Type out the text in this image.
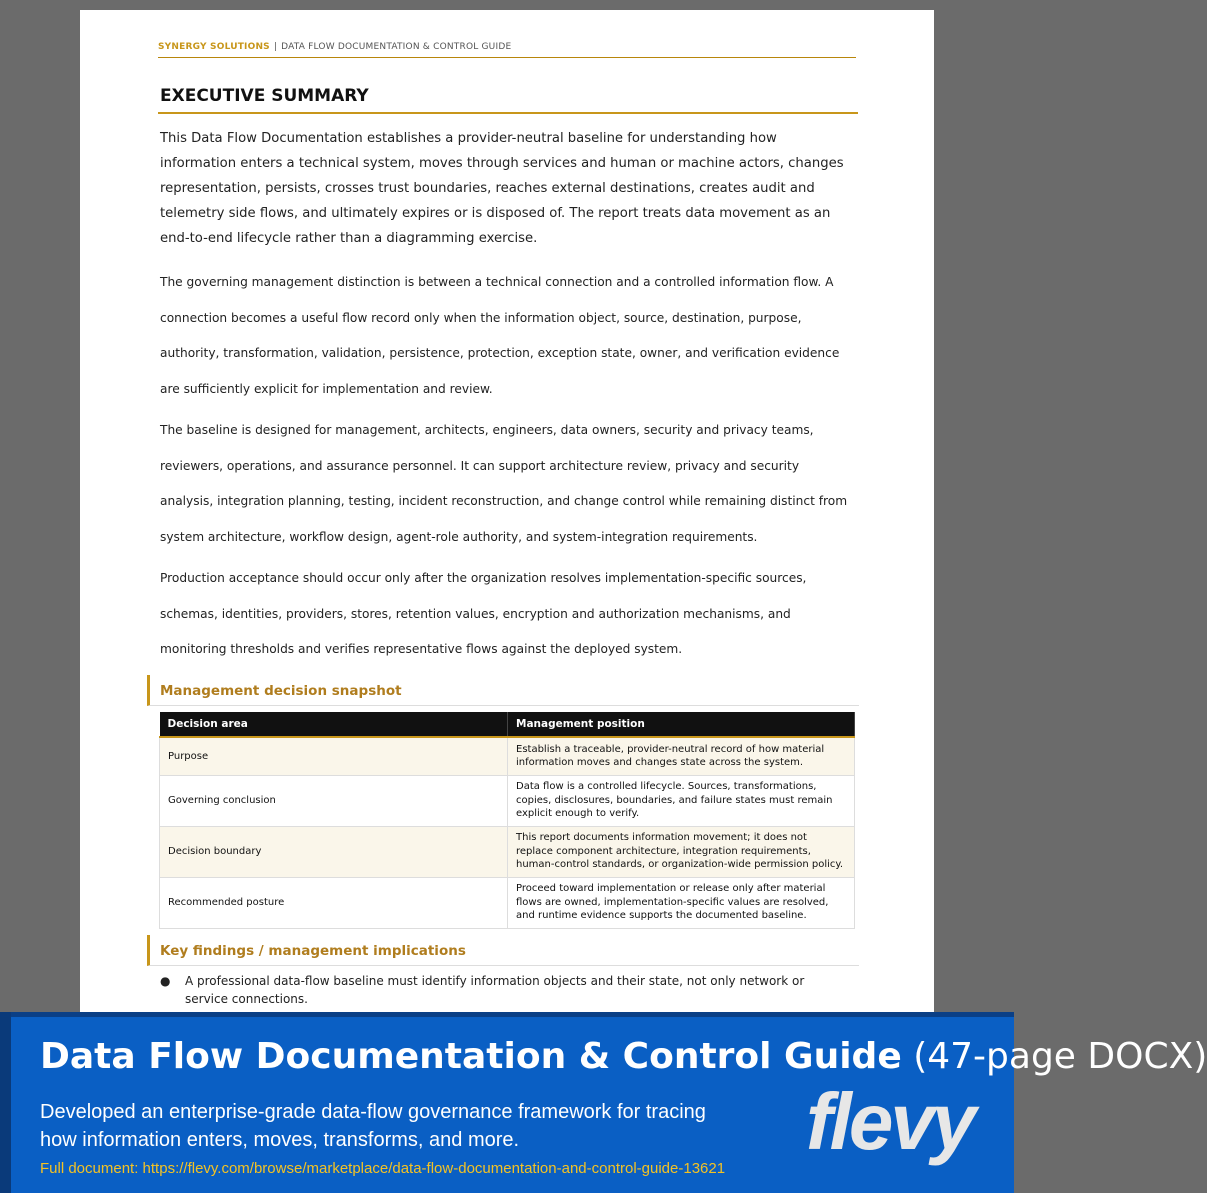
SYNERGY SOLUTIONS | DATA FLOW DOCUMENTATION & CONTROL GUIDE
EXECUTIVE SUMMARY

This Data Flow Documentation establishes a provider-neutral baseline for understanding how information enters a technical system, moves through services and human or machine actors, changes representation, persists, crosses trust boundaries, reaches external destinations, creates audit and telemetry side flows, and ultimately expires or is disposed of. The report treats data movement as an end-to-end lifecycle rather than a diagramming exercise.

The governing management distinction is between a technical connection and a controlled information flow. A connection becomes a useful flow record only when the information object, source, destination, purpose, authority, transformation, validation, persistence, protection, exception state, owner, and verification evidence are sufficiently explicit for implementation and review.

The baseline is designed for management, architects, engineers, data owners, security and privacy teams, reviewers, operations, and assurance personnel. It can support architecture review, privacy and security analysis, integration planning, testing, incident reconstruction, and change control while remaining distinct from system architecture, workflow design, agent-role authority, and system-integration requirements.

Production acceptance should occur only after the organization resolves implementation-specific sources, schemas, identities, providers, stores, retention values, encryption and authorization mechanisms, and monitoring thresholds and verifies representative flows against the deployed system.

Management decision snapshot
Decision area	Management position
Purpose	Establish a traceable, provider-neutral record of how material information moves and changes state across the system.
Governing conclusion	Data flow is a controlled lifecycle. Sources, transformations, copies, disclosures, boundaries, and failure states must remain explicit enough to verify.
Decision boundary	This report documents information movement; it does not replace component architecture, integration requirements, human-control standards, or organization-wide permission policy.
Recommended posture	Proceed toward implementation or release only after material flows are owned, implementation-specific values are resolved, and runtime evidence supports the documented baseline.
Key findings / management implications
● A professional data-flow baseline must identify information objects and their state, not only network or service connections.
Data Flow Documentation & Control Guide (47-page DOCX)
Developed an enterprise-grade data-flow governance framework for tracing
how information enters, moves, transforms, and more.
Full document: https://flevy.com/browse/marketplace/data-flow-documentation-and-control-guide-13621
flevy
